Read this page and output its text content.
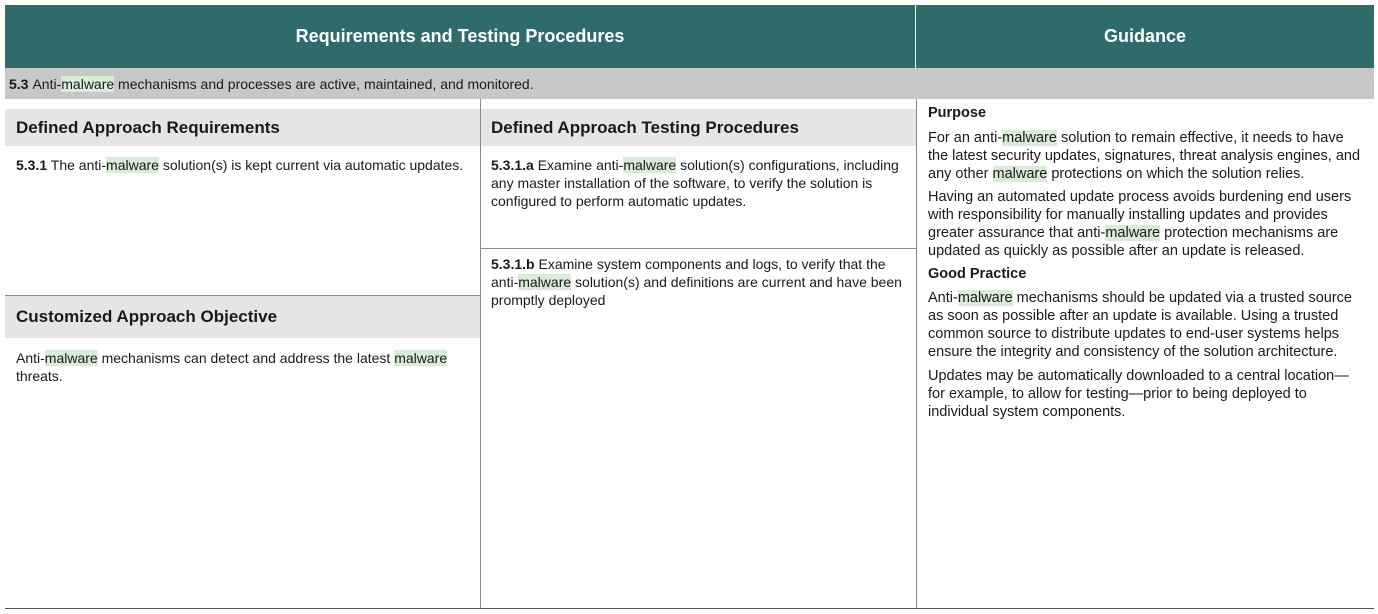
Requirements and Testing Procedures	Guidance
5.3 Anti-malware mechanisms and processes are active, maintained, and monitored.
Defined Approach Requirements
5.3.1 The anti-malware solution(s) is kept current via automatic updates.
Customized Approach Objective
Anti-malware mechanisms can detect and address the latest malware threats.
Defined Approach Testing Procedures
5.3.1.a Examine anti-malware solution(s) configurations, including any master installation of the software, to verify the solution is configured to perform automatic updates.
5.3.1.b Examine system components and logs, to verify that the anti-malware solution(s) and definitions are current and have been promptly deployed
Purpose
For an anti-malware solution to remain effective, it needs to have the latest security updates, signatures, threat analysis engines, and any other malware protections on which the solution relies.
Having an automated update process avoids burdening end users with responsibility for manually installing updates and provides greater assurance that anti-malware protection mechanisms are updated as quickly as possible after an update is released.
Good Practice
Anti-malware mechanisms should be updated via a trusted source as soon as possible after an update is available. Using a trusted common source to distribute updates to end-user systems helps ensure the integrity and consistency of the solution architecture.
Updates may be automatically downloaded to a central location—for example, to allow for testing—prior to being deployed to individual system components.
